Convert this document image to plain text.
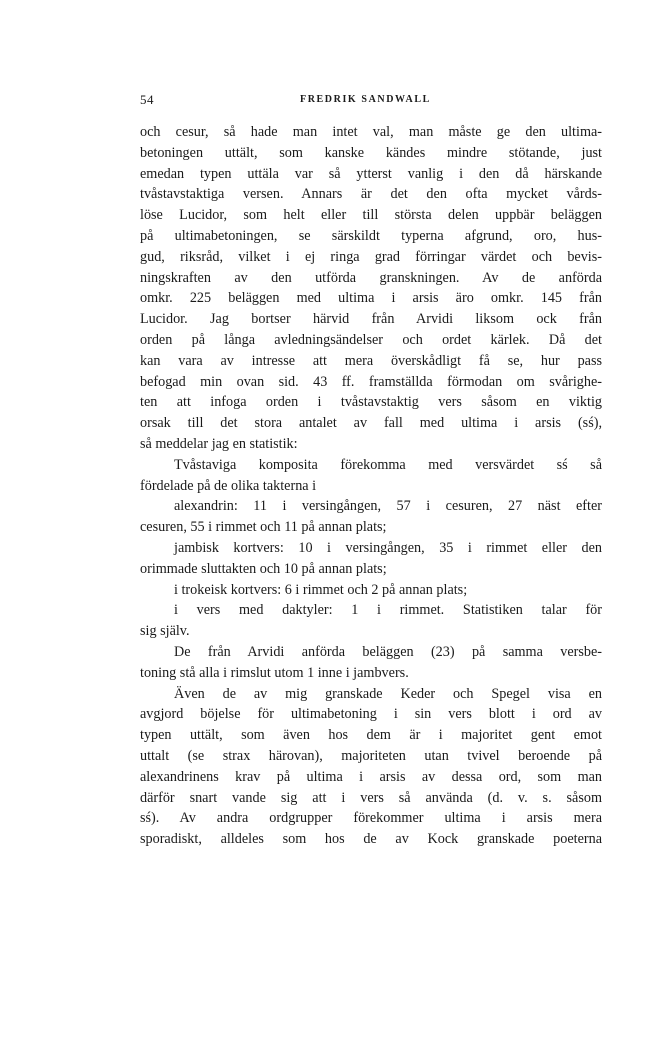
54	FREDRIK SANDWALL
och cesur, så hade man intet val, man måste ge den ultima-
betoningen uttält, som kanske kändes mindre stötande, just
emedan typen uttäla var så ytterst vanlig i den då härskande
tvåstavstaktiga versen. Annars är det den ofta mycket vårds-
löse Lucidor, som helt eller till största delen uppbär beläggen
på ultimabetoningen, se särskildt typerna afgrund, oro, hus-
gud, riksråd, vilket i ej ringa grad förringar värdet och bevis-
ningskraften av den utförda granskningen. Av de anförda
omkr. 225 beläggen med ultima i arsis äro omkr. 145 från
Lucidor. Jag bortser härvid från Arvidi liksom ock från
orden på långa avledningsändelser och ordet kärlek. Då det
kan vara av intresse att mera överskådligt få se, hur pass
befogad min ovan sid. 43 ff. framställda förmodan om svårighe-
ten att infoga orden i tvåstavstaktig vers såsom en viktig
orsak till det stora antalet av fall med ultima i arsis (sś),
så meddelar jag en statistik:
Tvåstaviga komposita förekomma med versvärdet sś så
fördelade på de olika takterna i
alexandrin: 11 i versingången, 57 i cesuren, 27 näst efter
cesuren, 55 i rimmet och 11 på annan plats;
jambisk kortvers: 10 i versingången, 35 i rimmet eller den
orimmade sluttakten och 10 på annan plats;
i trokeisk kortvers: 6 i rimmet och 2 på annan plats;
i vers med daktyler: 1 i rimmet. Statistiken talar för
sig själv.
De från Arvidi anförda beläggen (23) på samma versbe-
toning stå alla i rimslut utom 1 inne i jambvers.
Även de av mig granskade Keder och Spegel visa en
avgjord böjelse för ultimabetoning i sin vers blott i ord av
typen uttält, som även hos dem är i majoritet gent emot
uttalt (se strax härovan), majoriteten utan tvivel beroende på
alexandrinens krav på ultima i arsis av dessa ord, som man
därför snart vande sig att i vers så använda (d. v. s. såsom
sś). Av andra ordgrupper förekommer ultima i arsis mera
sporadiskt, alldeles som hos de av Kock granskade poeterna
